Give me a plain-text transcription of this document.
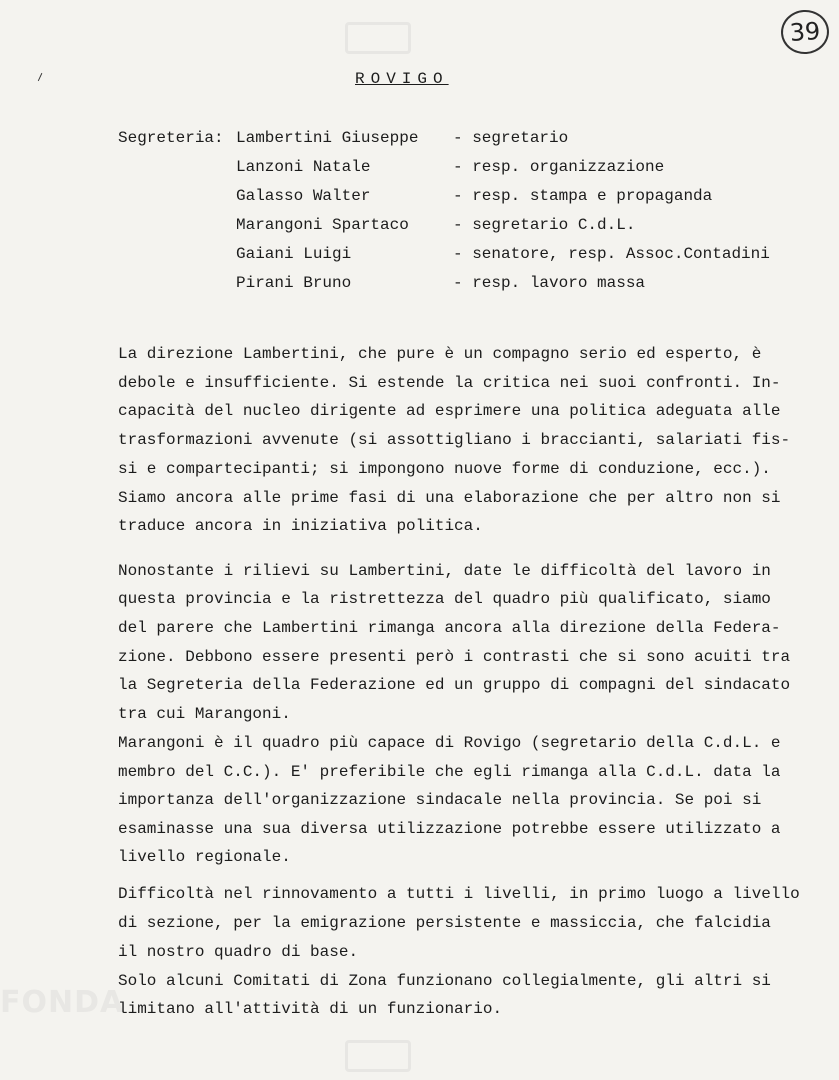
FONDA
⸝
39
ROVIGO
Segreteria: Lambertini Giuseppe - segretario
Lanzoni Natale	- resp. organizzazione
Galasso Walter	- resp. stampa e propaganda
Marangoni Spartaco	- segretario C.d.L.
Gaiani Luigi	- senatore, resp. Assoc.Contadini
Pirani Bruno	- resp. lavoro massa
La direzione Lambertini, che pure è un compagno serio ed esperto, è
debole e insufficiente. Si estende la critica nei suoi confronti. In-
capacità del nucleo dirigente ad esprimere una politica adeguata alle
trasformazioni avvenute (si assottigliano i braccianti, salariati fis-
si e compartecipanti; si impongono nuove forme di conduzione, ecc.).
Siamo ancora alle prime fasi di una elaborazione che per altro non si
traduce ancora in iniziativa politica.
Nonostante i rilievi su Lambertini, date le difficoltà del lavoro in
questa provincia e la ristrettezza del quadro più qualificato, siamo
del parere che Lambertini rimanga ancora alla direzione della Federa-
zione. Debbono essere presenti però i contrasti che si sono acuiti tra
la Segreteria della Federazione ed un gruppo di compagni del sindacato
tra cui Marangoni.
Marangoni è il quadro più capace di Rovigo (segretario della C.d.L. e
membro del C.C.). E' preferibile che egli rimanga alla C.d.L. data la
importanza dell'organizzazione sindacale nella provincia. Se poi si
esaminasse una sua diversa utilizzazione potrebbe essere utilizzato a
livello regionale.
Difficoltà nel rinnovamento a tutti i livelli, in primo luogo a livello
di sezione, per la emigrazione persistente e massiccia, che falcidia
il nostro quadro di base.
Solo alcuni Comitati di Zona funzionano collegialmente, gli altri si
limitano all'attività di un funzionario.
